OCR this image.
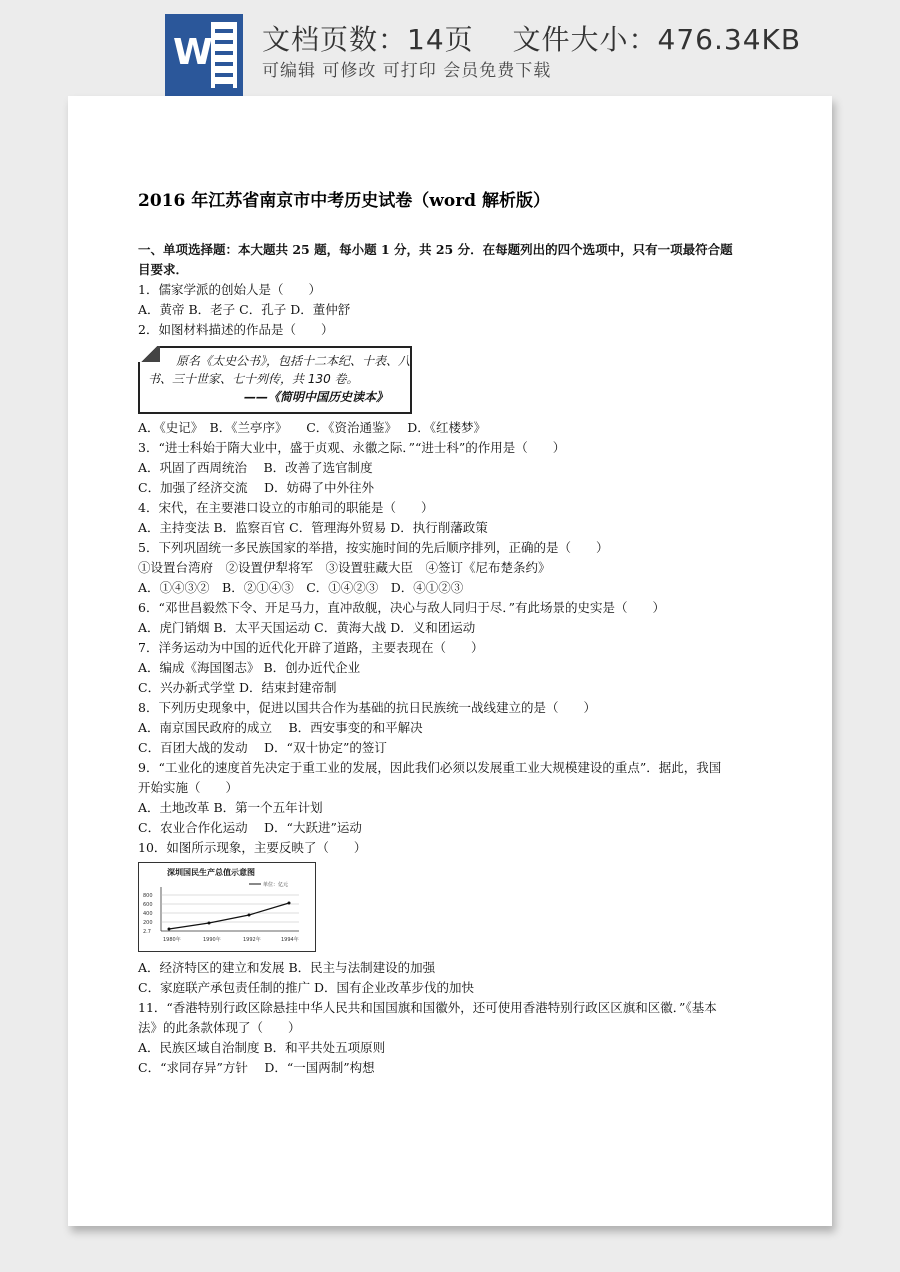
W 文档页数：14页　 文件大小：476.34KB
可编辑 可修改 可打印 会员免费下载
2016 年江苏省南京市中考历史试卷（word 解析版）
一、单项选择题：本大题共 25 题，每小题 1 分，共 25 分．在每题列出的四个选项中，只有一项最符合题
目要求．
1．儒家学派的创始人是（　　）
A．黄帝 B．老子 C．孔子 D．董仲舒
2．如图材料描述的作品是（　　）
原名《太史公书》，包括十二本纪、十表、八
书、三十世家、七十列传，共 130 卷。
——《简明中国历史读本》
A．《史记》　B．《兰亭序》　　C．《资治通鉴》　 D．《红楼梦》
3．“进士科始于隋大业中，盛于贞观、永徽之际．”“进士科”的作用是（　　）
A．巩固了西周统治　 B．改善了选官制度
C．加强了经济交流　 D．妨碍了中外往外
4．宋代，在主要港口设立的市舶司的职能是（　　）
A．主持变法 B．监察百官 C．管理海外贸易 D．执行削藩政策
5．下列巩固统一多民族国家的举措，按实施时间的先后顺序排列，正确的是（　　）
①设置台湾府　②设置伊犁将军　③设置驻藏大臣　④签订《尼布楚条约》
A．①④③②　B．②①④③　C．①④②③　D．④①②③
6．“邓世昌毅然下令、开足马力，直冲敌舰，决心与敌人同归于尽．”有此场景的史实是（　　）
A．虎门销烟 B．太平天国运动 C．黄海大战 D．义和团运动
7．洋务运动为中国的近代化开辟了道路，主要表现在（　　）
A．编成《海国图志》 B．创办近代企业
C．兴办新式学堂 D．结束封建帝制
8．下列历史现象中，促进以国共合作为基础的抗日民族统一战线建立的是（　　）
A．南京国民政府的成立　 B．西安事变的和平解决
C．百团大战的发动　 D．“双十协定”的签订
9．“工业化的速度首先决定于重工业的发展，因此我们必须以发展重工业大规模建设的重点”．据此，我国
开始实施（　　）
A．土地改革 B．第一个五年计划
C．农业合作化运动　 D．“大跃进”运动
10．如图所示现象，主要反映了（　　）
深圳国民生产总值示意图
单位：亿元
800
600
400
200
2.7
1980年	1990年	1992年	1994年
A．经济特区的建立和发展 B．民主与法制建设的加强
C．家庭联产承包责任制的推广 D．国有企业改革步伐的加快
11．“香港特别行政区除悬挂中华人民共和国国旗和国徽外，还可使用香港特别行政区区旗和区徽．”《基本
法》的此条款体现了（　　）
A．民族区域自治制度 B．和平共处五项原则
C．“求同存异”方针　 D．“一国两制”构想
